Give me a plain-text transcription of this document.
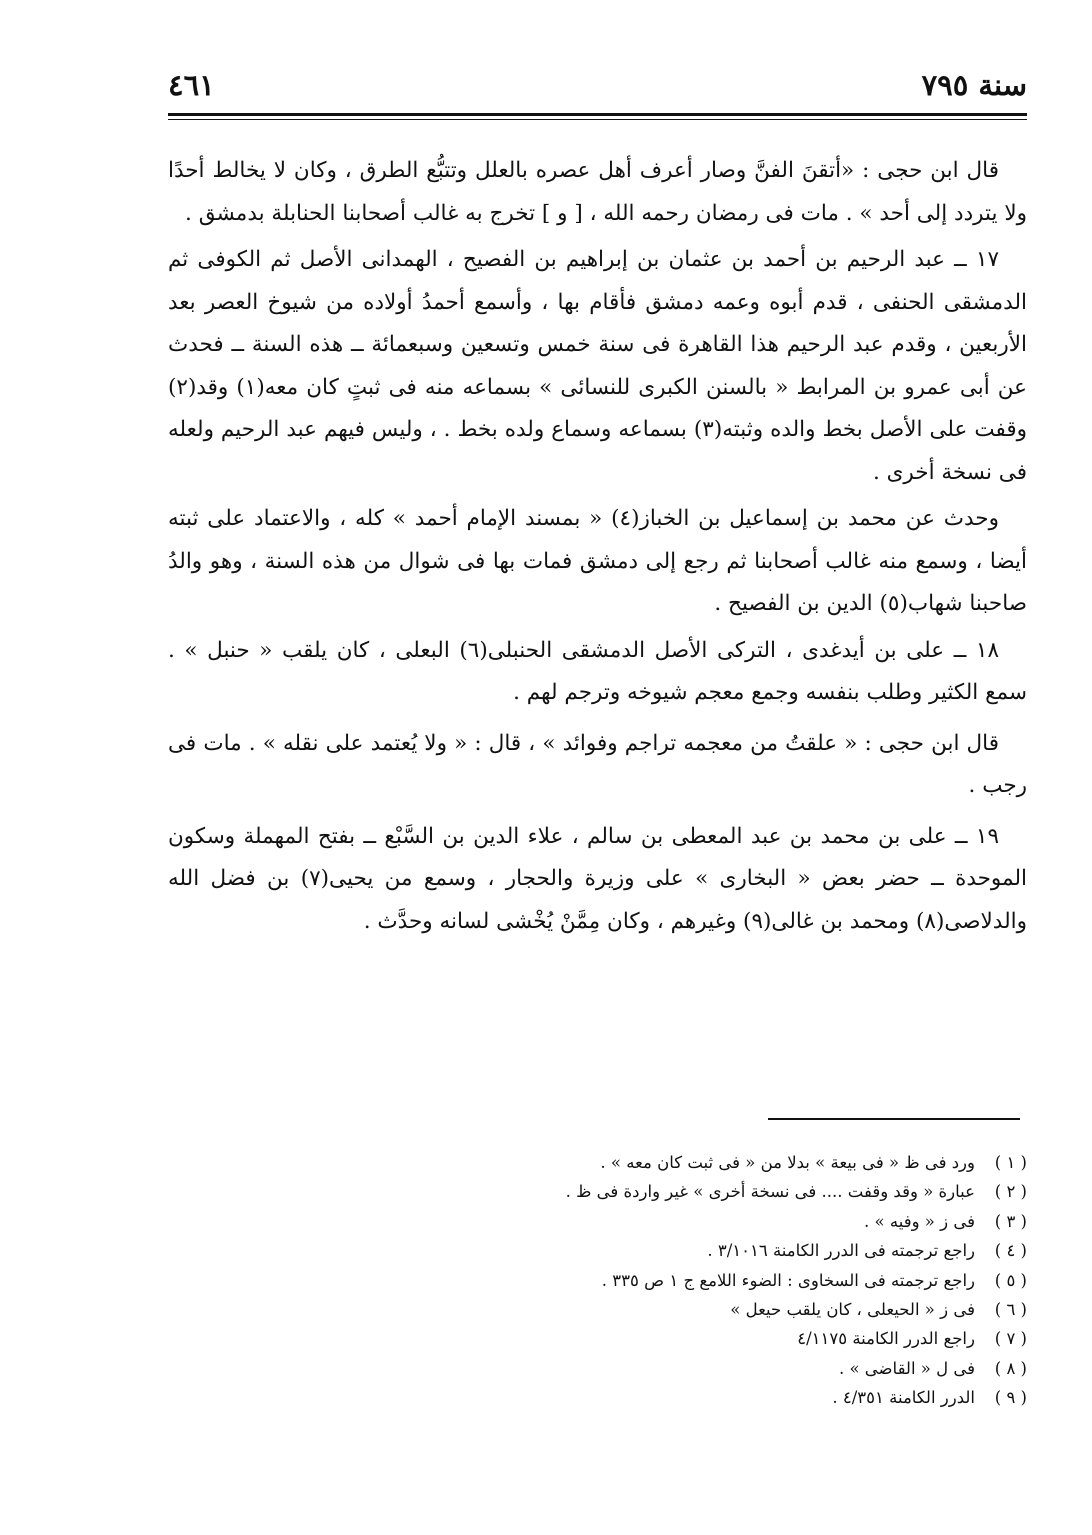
سنة ٧٩٥
٤٦١

قال ابن حجى : «أتقنَ الفنَّ وصار أعرف أهل عصره بالعلل وتتبُّع الطرق ، وكان لا يخالط أحدًا ولا يتردد إلى أحد » . مات فى رمضان رحمه الله ، [ و ] تخرج به غالب أصحابنا الحنابلة بدمشق .

١٧ ــ عبد الرحيم بن أحمد بن عثمان بن إبراهيم بن الفصيح ، الهمدانى الأصل ثم الكوفى ثم الدمشقى الحنفى ، قدم أبوه وعمه دمشق فأقام بها ، وأسمع أحمدُ أولاده من شيوخ العصر بعد الأربعين ، وقدم عبد الرحيم هذا القاهرة فى سنة خمس وتسعين وسبعمائة ــ هذه السنة ــ فحدث عن أبى عمرو بن المرابط « بالسنن الكبرى للنسائى » بسماعه منه فى ثبتٍ كان معه(١) وقد(٢) وقفت على الأصل بخط والده وثبته(٣) بسماعه وسماع ولده بخط . ، وليس فيهم عبد الرحيم ولعله فى نسخة أخرى .

وحدث عن محمد بن إسماعيل بن الخباز(٤) « بمسند الإمام أحمد » كله ، والاعتماد على ثبته أيضا ، وسمع منه غالب أصحابنا ثم رجع إلى دمشق فمات بها فى شوال من هذه السنة ، وهو والدُ صاحبنا شهاب(٥) الدين بن الفصيح .

١٨ ــ على بن أيدغدى ، التركى الأصل الدمشقى الحنبلى(٦) البعلى ، كان يلقب « حنبل » . سمع الكثير وطلب بنفسه وجمع معجم شيوخه وترجم لهم .

قال ابن حجى : « علقتُ من معجمه تراجم وفوائد » ، قال : « ولا يُعتمد على نقله » . مات فى رجب .

١٩ ــ على بن محمد بن عبد المعطى بن سالم ، علاء الدين بن السَّبْع ــ بفتح المهملة وسكون الموحدة ــ حضر بعض « البخارى » على وزيرة والحجار ، وسمع من يحيى(٧) بن فضل الله والدلاصى(٨) ومحمد بن غالى(٩) وغيرهم ، وكان مِمَّنْ يُخْشى لسانه وحدَّث .

( ١ )ورد فى ظ « فى بيعة » بدلا من « فى ثبت كان معه » .
( ٢ )عبارة « وقد وقفت .... فى نسخة أخرى » غير واردة فى ظ .
( ٣ )فى ز « وفيه » .
( ٤ )راجع ترجمته فى الدرر الكامنة ٣/١٠١٦ .
( ٥ )راجع ترجمته فى السخاوى : الضوء اللامع ج ١ ص ٣٣٥ .
( ٦ )فى ز « الحيعلى ، كان يلقب حيعل »
( ٧ )راجع الدرر الكامنة ٤/١١٧٥
( ٨ )فى ل « القاضى » .
( ٩ )الدرر الكامنة ٤/٣٥١ .
